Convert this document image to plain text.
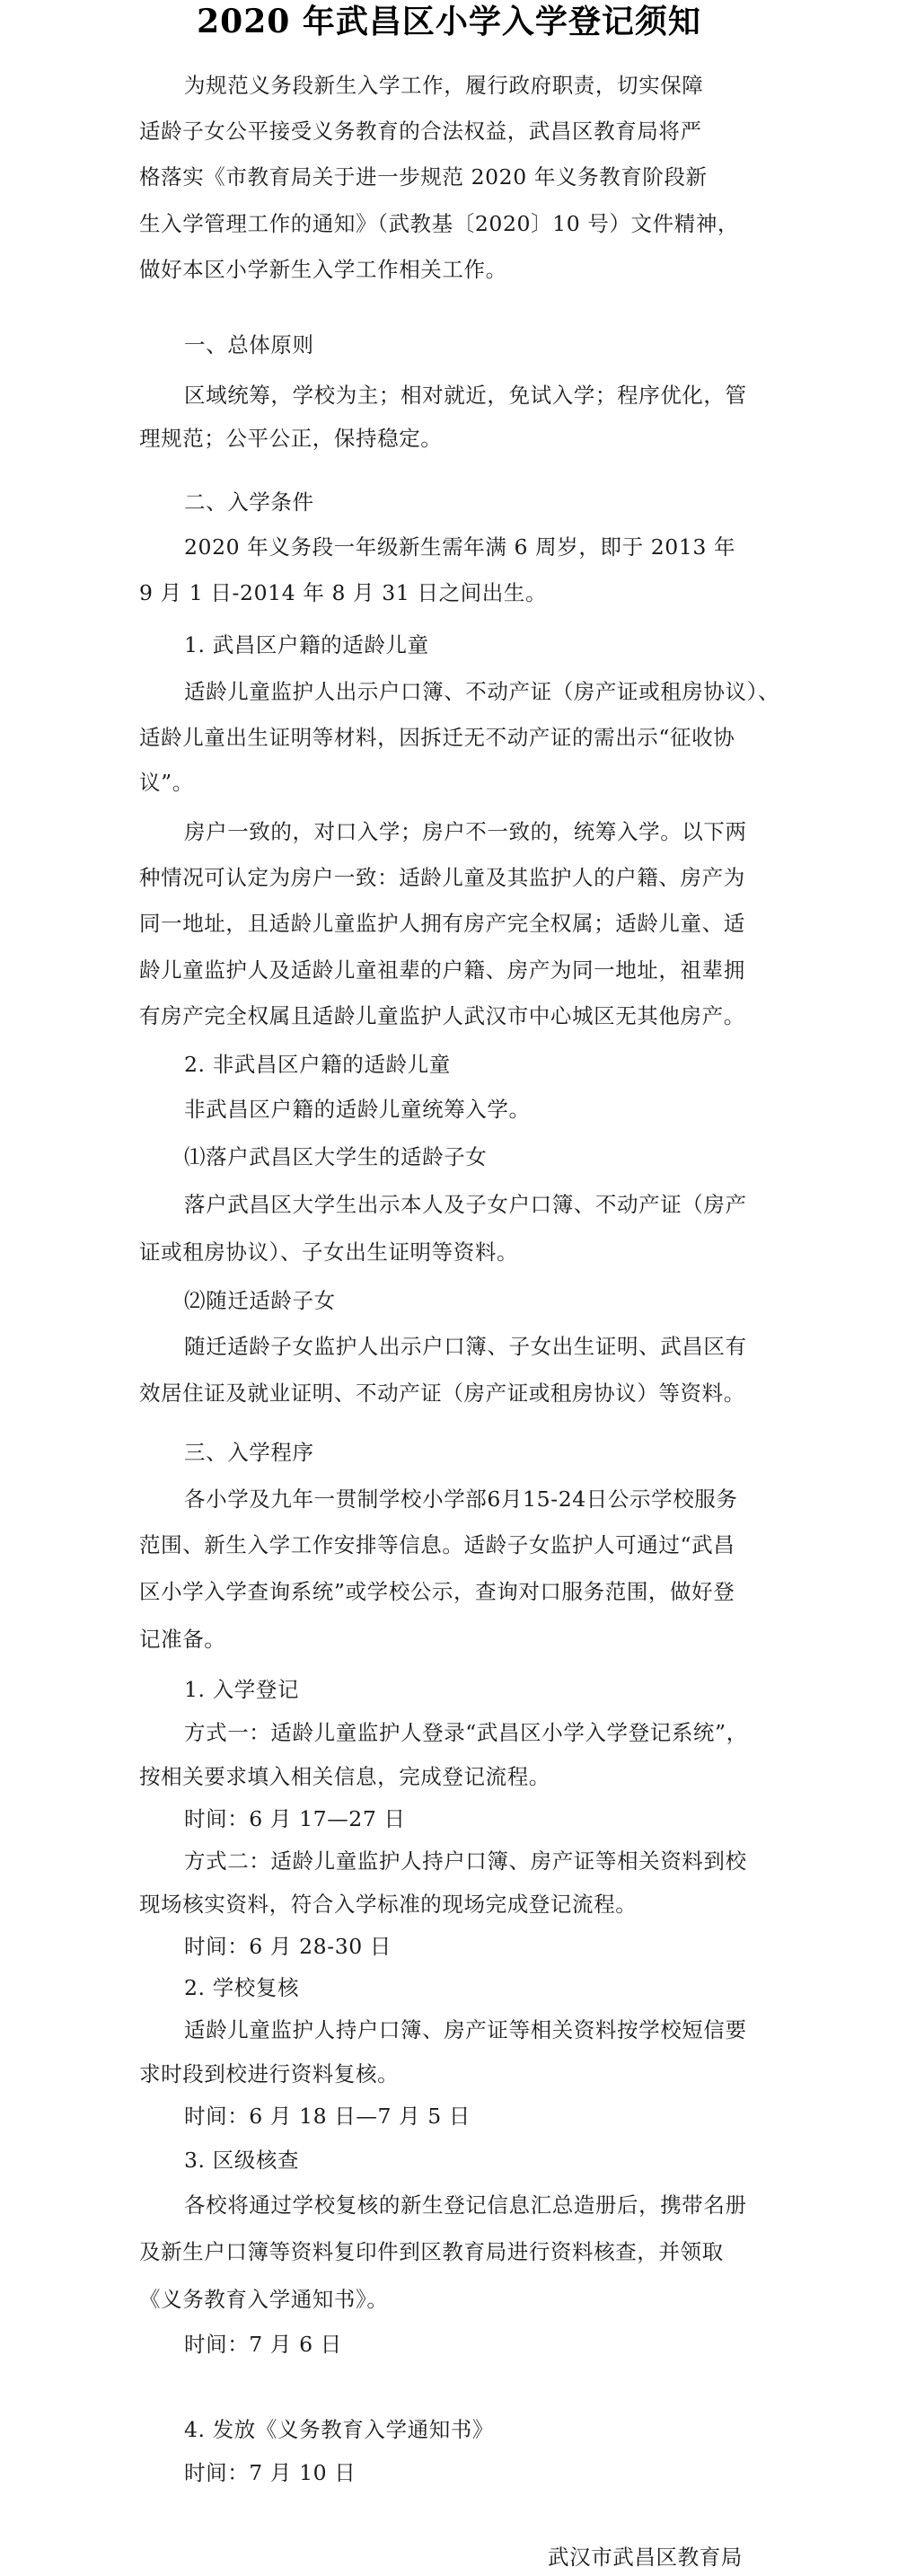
2020 年武昌区小学入学登记须知
为规范义务段新生入学工作，履行政府职责，切实保障
适龄子女公平接受义务教育的合法权益，武昌区教育局将严
格落实《市教育局关于进一步规范 2020 年义务教育阶段新
生入学管理工作的通知》（武教基〔2020〕10 号）文件精神，
做好本区小学新生入学工作相关工作。
一、总体原则
区域统筹，学校为主；相对就近，免试入学；程序优化，管
理规范；公平公正，保持稳定。
二、入学条件
2020 年义务段一年级新生需年满 6 周岁，即于 2013 年
9 月 1 日-2014 年 8 月 31 日之间出生。
1. 武昌区户籍的适龄儿童
适龄儿童监护人出示户口簿、不动产证（房产证或租房协议）、
适龄儿童出生证明等材料，因拆迁无不动产证的需出示“征收协
议”。
房户一致的，对口入学；房户不一致的，统筹入学。以下两
种情况可认定为房户一致：适龄儿童及其监护人的户籍、房产为
同一地址，且适龄儿童监护人拥有房产完全权属；适龄儿童、适
龄儿童监护人及适龄儿童祖辈的户籍、房产为同一地址，祖辈拥
有房产完全权属且适龄儿童监护人武汉市中心城区无其他房产。
2. 非武昌区户籍的适龄儿童
非武昌区户籍的适龄儿童统筹入学。
⑴落户武昌区大学生的适龄子女
落户武昌区大学生出示本人及子女户口簿、不动产证（房产
证或租房协议）、子女出生证明等资料。
⑵随迁适龄子女
随迁适龄子女监护人出示户口簿、子女出生证明、武昌区有
效居住证及就业证明、不动产证（房产证或租房协议）等资料。
三、入学程序
各小学及九年一贯制学校小学部6月15-24日公示学校服务
范围、新生入学工作安排等信息。适龄子女监护人可通过“武昌
区小学入学查询系统”或学校公示，查询对口服务范围，做好登
记准备。
1. 入学登记
方式一：适龄儿童监护人登录“武昌区小学入学登记系统”，
按相关要求填入相关信息，完成登记流程。
时间：6 月 17—27 日
方式二：适龄儿童监护人持户口簿、房产证等相关资料到校
现场核实资料，符合入学标准的现场完成登记流程。
时间：6 月 28-30 日
2. 学校复核
适龄儿童监护人持户口簿、房产证等相关资料按学校短信要
求时段到校进行资料复核。
时间：6 月 18 日—7 月 5 日
3. 区级核查
各校将通过学校复核的新生登记信息汇总造册后，携带名册
及新生户口簿等资料复印件到区教育局进行资料核查，并领取
《义务教育入学通知书》。
时间：7 月 6 日
4. 发放《义务教育入学通知书》
时间：7 月 10 日
武汉市武昌区教育局
